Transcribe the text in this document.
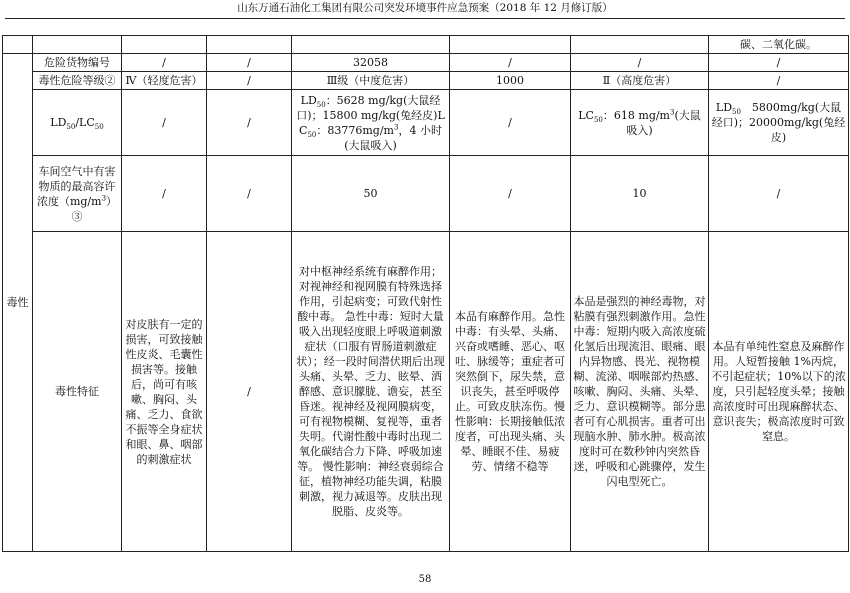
山东万通石油化工集团有限公司突发环境事件应急预案（2018 年 12 月修订版）
							碳、二氧化碳。
毒性	危险货物编号	/	/	32058	/	/	/
	毒性危险等级②	Ⅳ（轻度危害）	/	Ⅲ级（中度危害）	1000	Ⅱ（高度危害）	/
	$LD_{50}/LC_{50}$	/	/	$LD_{50}$：5628 mg/kg(大鼠经口)；15800 mg/kg(兔经皮)$LC_{50}$：$83776mg/m^3$，4 小时(大鼠吸入)	/	$LC_{50}$：618 $mg/m^3$(大鼠吸入)	$LD_{50}$　5800mg/kg(大鼠经口)；20000mg/kg(兔经皮)
	车间空气中有害物质的最高容许浓度$(mg/m^3)③$	/	/	50	/	10	/
	毒性特征	对皮肤有一定的损害，可致接触性皮炎、毛囊性损害等。接触后，尚可有咳嗽、胸闷、头痛、乏力、食欲不振等全身症状和眼、鼻、咽部的刺激症状	/	对中枢神经系统有麻醉作用；对视神经和视网膜有特殊选择作用，引起病变；可致代射性酸中毒。 急性中毒：短时大量吸入出现轻度眼上呼吸道刺激症状（口服有胃肠道刺激症状）；经一段时间潜伏期后出现头痛、头晕、乏力、眩晕、酒醉感、意识朦胧、谵妄，甚至昏迷。视神经及视网膜病变，可有视物模糊、复视等，重者失明。代谢性酸中毒时出现二氧化碳结合力下降、呼吸加速等。 慢性影响：神经衰弱综合征，植物神经功能失调，粘膜刺激，视力减退等。皮肤出现脱脂、皮炎等。	本品有麻醉作用。急性中毒：有头晕、头痛、兴奋或嗜睡、恶心、呕吐、脉缓等；重症者可突然倒下，尿失禁，意识丧失，甚至呼吸停止。可致皮肤冻伤。慢性影响：长期接触低浓度者，可出现头痛、头晕、睡眠不佳、易疲劳、情绪不稳等	本品是强烈的神经毒物，对粘膜有强烈刺激作用。急性中毒：短期内吸入高浓度硫化氢后出现流泪、眼痛、眼内异物感、畏光、视物模糊、流涕、咽喉部灼热感、咳嗽、胸闷、头痛、头晕、乏力、意识模糊等。部分患者可有心肌损害。重者可出现脑水肿、肺水肿。极高浓度时可在数秒钟内突然昏迷，呼吸和心跳骤停，发生闪电型死亡。	本品有单纯性窒息及麻醉作用。人短暂接触 1%丙烷，不引起症状；10%以下的浓度，只引起轻度头晕；接触高浓度时可出现麻醉状态、意识丧失；极高浓度时可致窒息。
58
